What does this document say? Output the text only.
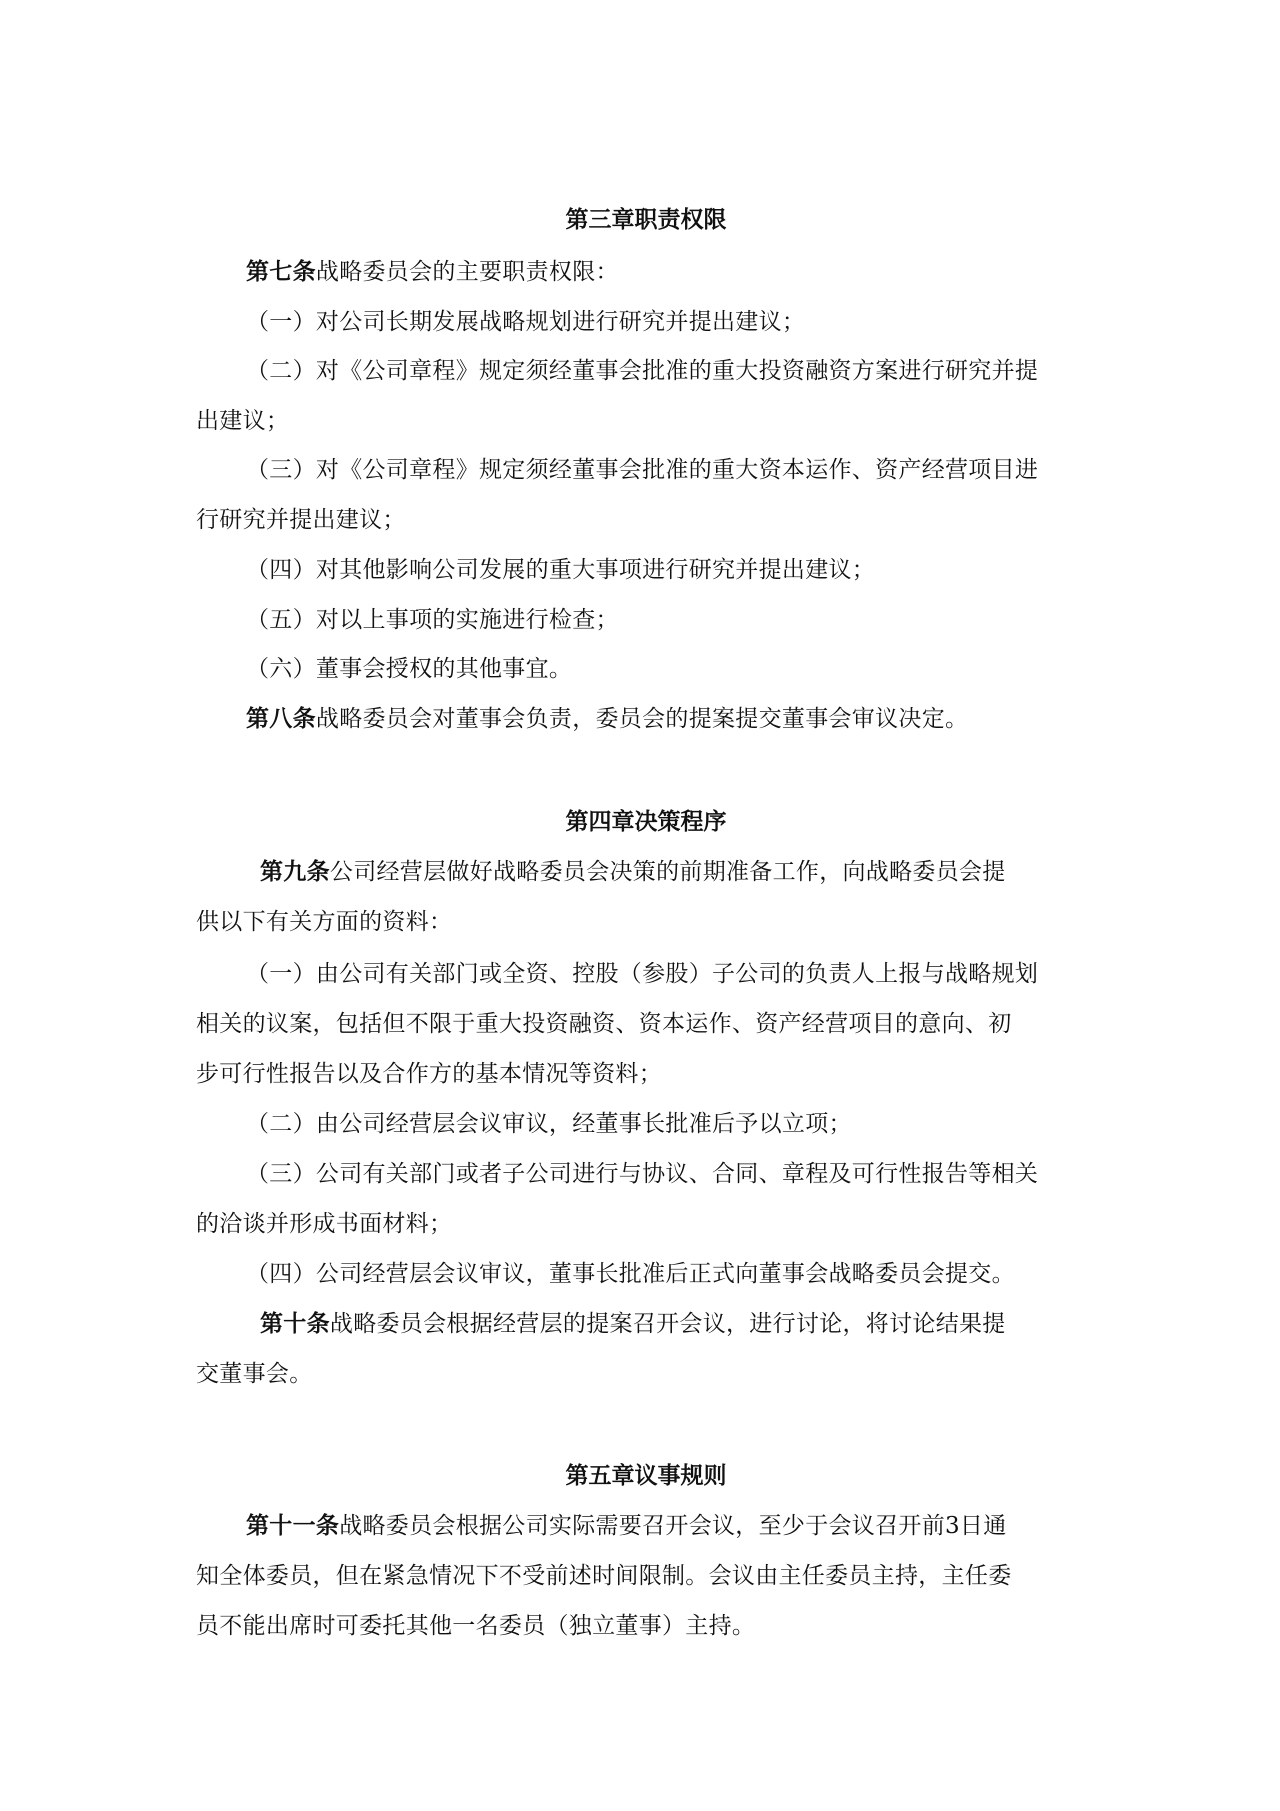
第三章职责权限
第七条战略委员会的主要职责权限：
（一）对公司长期发展战略规划进行研究并提出建议；
（二）对《公司章程》规定须经董事会批准的重大投资融资方案进行研究并提
出建议；
（三）对《公司章程》规定须经董事会批准的重大资本运作、资产经营项目进
行研究并提出建议；
（四）对其他影响公司发展的重大事项进行研究并提出建议；
（五）对以上事项的实施进行检查；
（六）董事会授权的其他事宜。
第八条战略委员会对董事会负责，委员会的提案提交董事会审议决定。
第四章决策程序
第九条公司经营层做好战略委员会决策的前期准备工作，向战略委员会提
供以下有关方面的资料：
（一）由公司有关部门或全资、控股（参股）子公司的负责人上报与战略规划
相关的议案，包括但不限于重大投资融资、资本运作、资产经营项目的意向、初
步可行性报告以及合作方的基本情况等资料；
（二）由公司经营层会议审议，经董事长批准后予以立项；
（三）公司有关部门或者子公司进行与协议、合同、章程及可行性报告等相关
的洽谈并形成书面材料；
（四）公司经营层会议审议，董事长批准后正式向董事会战略委员会提交。
第十条战略委员会根据经营层的提案召开会议，进行讨论，将讨论结果提
交董事会。
第五章议事规则
第十一条战略委员会根据公司实际需要召开会议，至少于会议召开前3日通
知全体委员，但在紧急情况下不受前述时间限制。会议由主任委员主持，主任委
员不能出席时可委托其他一名委员（独立董事）主持。
